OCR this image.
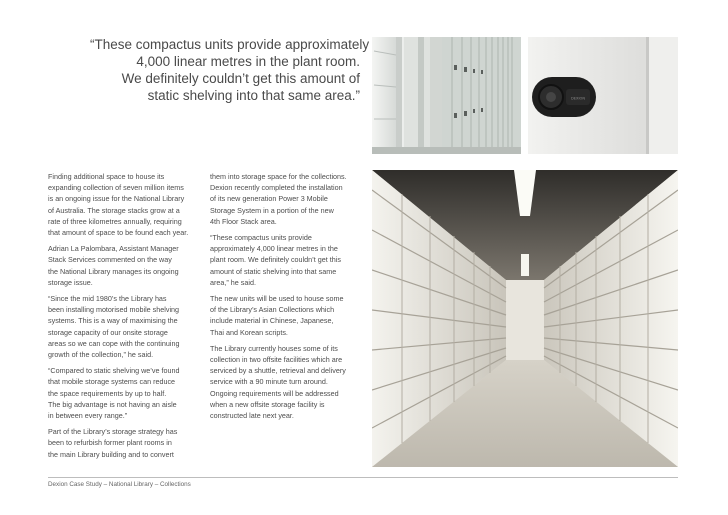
“These compactus units provide approximately
4,000 linear metres in the plant room.
We definitely couldn’t get this amount of
static shelving into that same area.”	DEXION

Finding additional space to house its
expanding collection of seven million items
is an ongoing issue for the National Library
of Australia. The storage stacks grow at a
rate of three kilometres annually, requiring
that amount of space to be found each year.

Adrian La Palombara, Assistant Manager
Stack Services commented on the way
the National Library manages its ongoing
storage issue.

“Since the mid 1980’s the Library has
been installing motorised mobile shelving
systems. This is a way of maximising the
storage capacity of our onsite storage
areas so we can cope with the continuing
growth of the collection,” he said.

“Compared to static shelving we’ve found
that mobile storage systems can reduce
the space requirements by up to half.
The big advantage is not having an aisle
in between every range.”

Part of the Library’s storage strategy has
been to refurbish former plant rooms in
the main Library building and to convert

them into storage space for the collections.
Dexion recently completed the installation
of its new generation Power 3 Mobile
Storage System in a portion of the new
4th Floor Stack area.

“These compactus units provide
approximately 4,000 linear metres in the
plant room. We definitely couldn’t get this
amount of static shelving into that same
area,” he said.

The new units will be used to house some
of the Library’s Asian Collections which
include material in Chinese, Japanese,
Thai and Korean scripts.

The Library currently houses some of its
collection in two offsite facilities which are
serviced by a shuttle, retrieval and delivery
service with a 90 minute turn around.
Ongoing requirements will be addressed
when a new offsite storage facility is
constructed late next year.

Dexion Case Study – National Library – Collections
